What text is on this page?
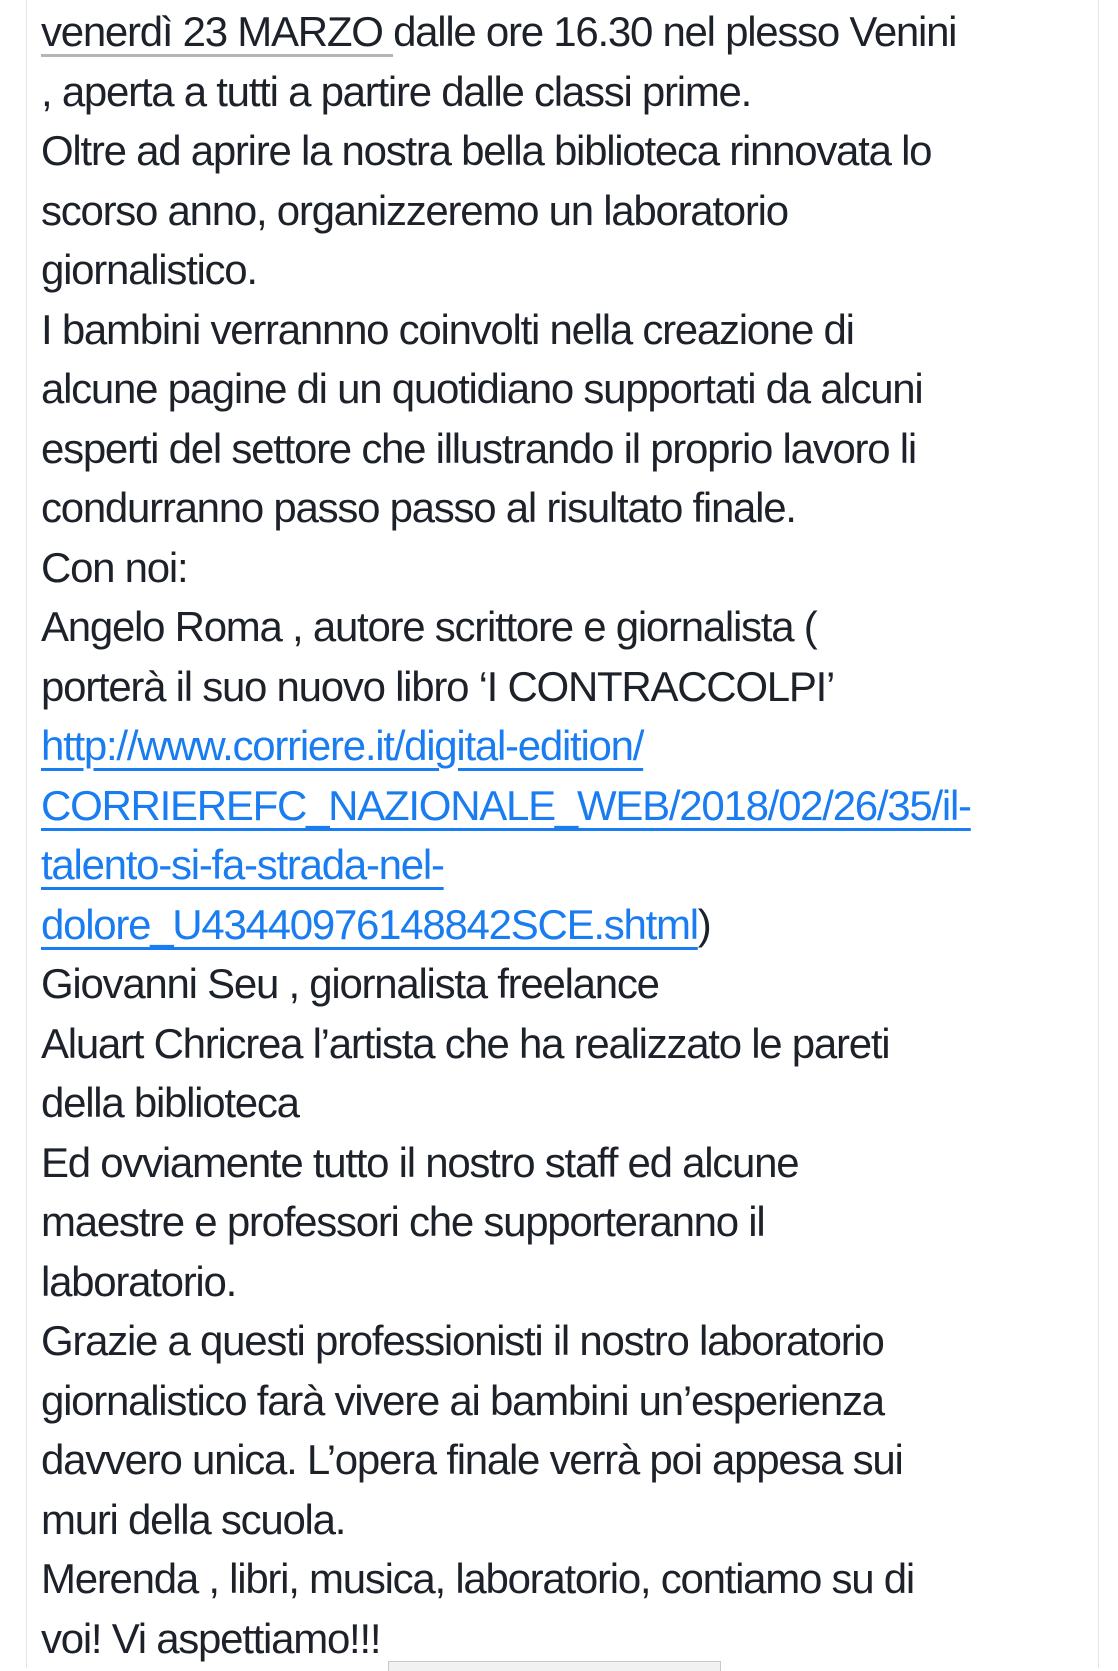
venerdì 23 MARZO dalle ore 16.30 nel plesso Venini
, aperta a tutti a partire dalle classi prime.
Oltre ad aprire la nostra bella biblioteca rinnovata lo
scorso anno, organizzeremo un laboratorio
giornalistico.
I bambini verrannno coinvolti nella creazione di
alcune pagine di un quotidiano supportati da alcuni
esperti del settore che illustrando il proprio lavoro li
condurranno passo passo al risultato finale.
Con noi:
Angelo Roma , autore scrittore e giornalista (
porterà il suo nuovo libro ‘I CONTRACCOLPI’
http://www.corriere.it/digital-edition/
CORRIEREFC_NAZIONALE_WEB/2018/02/26/35/il-
talento-si-fa-strada-nel-
dolore_U43440976148842SCE.shtml)
Giovanni Seu , giornalista freelance
Aluart Chricrea l’artista che ha realizzato le pareti
della biblioteca
Ed ovviamente tutto il nostro staff ed alcune
maestre e professori che supporteranno il
laboratorio.
Grazie a questi professionisti il nostro laboratorio
giornalistico farà vivere ai bambini un’esperienza
davvero unica. L’opera finale verrà poi appesa sui
muri della scuola.
Merenda , libri, musica, laboratorio, contiamo su di
voi! Vi aspettiamo!!!
